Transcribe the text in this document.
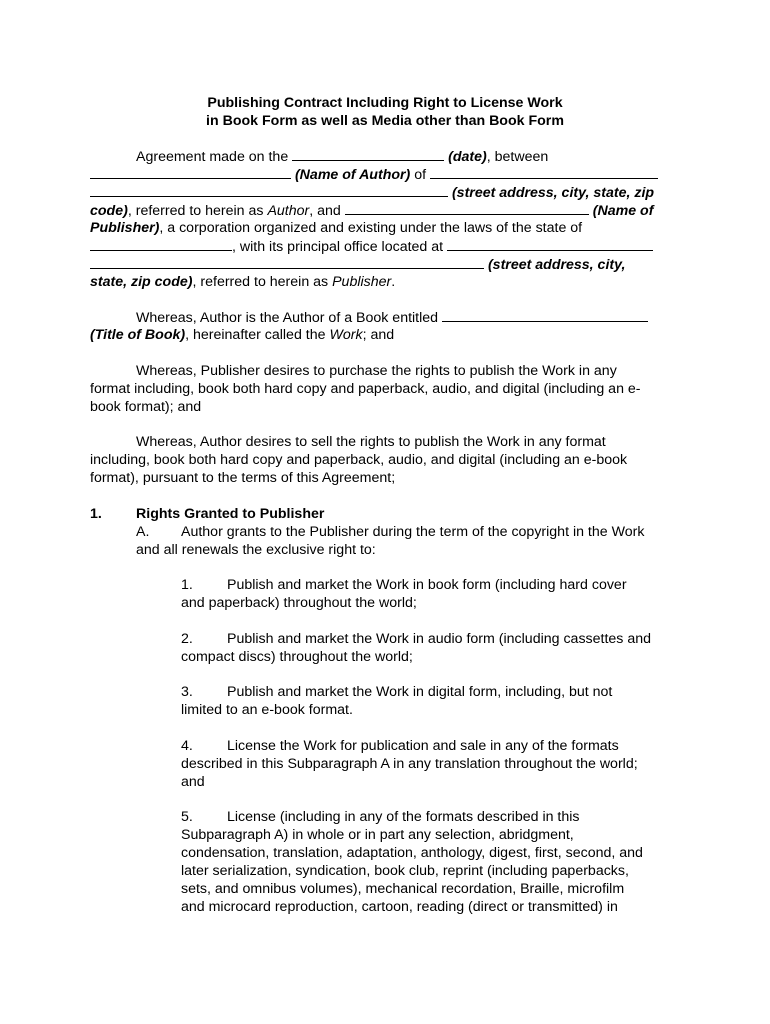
Publishing Contract Including Right to License Work
in Book Form as well as Media other than Book Form
Agreement made on the	(date), between
(Name of Author) of
(street address, city, state, zip
code), referred to herein as Author, and	(Name of
Publisher), a corporation organized and existing under the laws of the state of
, with its principal office located at
(street address, city,
state, zip code), referred to herein as Publisher.
Whereas, Author is the Author of a Book entitled
(Title of Book), hereinafter called the Work; and
Whereas, Publisher desires to purchase the rights to publish the Work in any
format including, book both hard copy and paperback, audio, and digital (including an e-
book format); and
Whereas, Author desires to sell the rights to publish the Work in any format
including, book both hard copy and paperback, audio, and digital (including an e-book
format), pursuant to the terms of this Agreement;
1. Rights Granted to Publisher
A. Author grants to the Publisher during the term of the copyright in the Work
and all renewals the exclusive right to:
1. Publish and market the Work in book form (including hard cover
and paperback) throughout the world;
2. Publish and market the Work in audio form (including cassettes and
compact discs) throughout the world;
3. Publish and market the Work in digital form, including, but not
limited to an e-book format.
4. License the Work for publication and sale in any of the formats
described in this Subparagraph A in any translation throughout the world;
and
5. License (including in any of the formats described in this
Subparagraph A) in whole or in part any selection, abridgment,
condensation, translation, adaptation, anthology, digest, first, second, and
later serialization, syndication, book club, reprint (including paperbacks,
sets, and omnibus volumes), mechanical recordation, Braille, microfilm
and microcard reproduction, cartoon, reading (direct or transmitted) in
